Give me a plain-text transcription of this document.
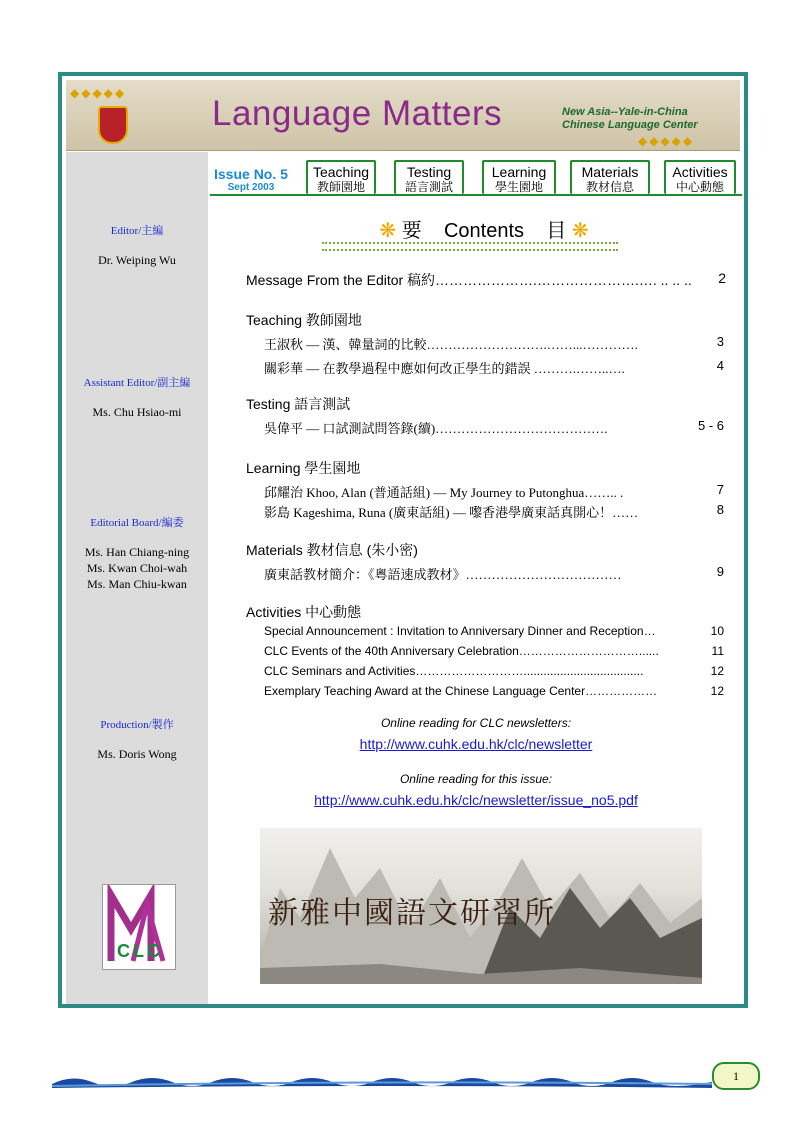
◆◆◆◆◆
Language Matters	New Asia--Yale-in-China
Chinese Language Center
◆◆◆◆◆
Editor/主編
Dr. Weiping Wu
Assistant Editor/副主編
Ms. Chu Hsiao-mi
Editorial Board/編委
Ms. Han Chiang-ning
Ms. Kwan Choi-wah
Ms. Man Chiu-kwan
Production/製作
Ms. Doris Wong
C L C
Issue No. 5
Sept 2003
Teaching
教師園地
Testing
語言測試
Learning
學生園地
Materials
教材信息
Activities
中心動態
❋ 要 Contents 目 ❋
Message From the Editor 稿約………………….………………….…. .. .. .. 2
Teaching 教師園地
王淑秋 — 漢、韓量詞的比較……………………….……...………….	3
關彩華 — 在教學過程中應如何改正學生的錯誤 ……….……..….	4
Testing 語言測試
吳偉平 — 口試測試問答錄(續)………………………………….	5 - 6
Learning 學生園地
邱耀治 Khoo, Alan (普通話組) — My Journey to Putonghua…….. .	7
影島 Kageshima, Runa (廣東話組) — 嚟香港學廣東話真開心！……	8
Materials 教材信息 (朱小密)
廣東話教材簡介：《粵語速成教材》………………………………	9
Activities 中心動態
Special Announcement : Invitation to Anniversary Dinner and Reception…	10
CLC Events of the 40th Anniversary Celebration…………………………......	11
CLC Seminars and Activities………………………....................................	12
Exemplary Teaching Award at the Chinese Language Center………………	12
Online reading for CLC newsletters:
http://www.cuhk.edu.hk/clc/newsletter
Online reading for this issue:
http://www.cuhk.edu.hk/clc/newsletter/issue_no5.pdf
新雅中國語文研習所
1
